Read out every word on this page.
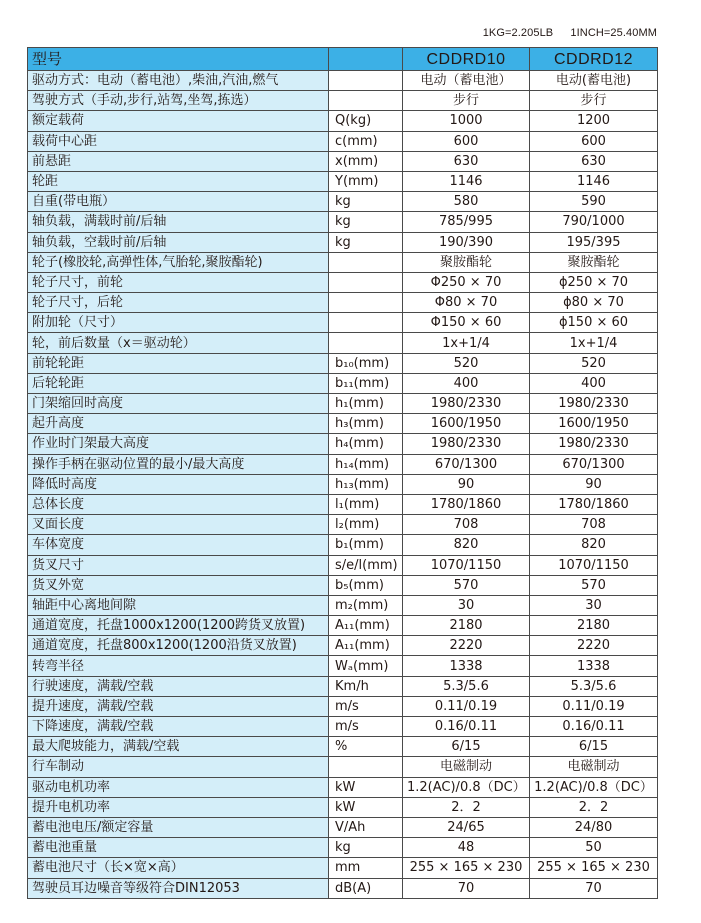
1KG=2.205LB 1INCH=25.40MM
型号		CDDRD10	CDDRD12
驱动方式：电动（蓄电池）,柴油,汽油,燃气		电动（蓄电池）	电动(蓄电池)
驾驶方式（手动,步行,站驾,坐驾,拣选）		步行	步行
额定载荷	Q(kg)	1000	1200
载荷中心距	c(mm)	600	600
前悬距	x(mm)	630	630
轮距	Y(mm)	1146	1146
自重(带电瓶）	kg	580	590
轴负载，满载时前/后轴	kg	785/995	790/1000
轴负载，空载时前/后轴	kg	190/390	195/395
轮子(橡胶轮,高弹性体,气胎轮,聚胺酯轮)		聚胺酯轮	聚胺酯轮
轮子尺寸，前轮		Φ250 × 70	ϕ250 × 70
轮子尺寸，后轮		Φ80 × 70	ϕ80 × 70
附加轮（尺寸）		Φ150 × 60	ϕ150 × 60
轮，前后数量（x＝驱动轮）		1x+1/4	1x+1/4
前轮轮距	b₁₀(mm)	520	520
后轮轮距	b₁₁(mm)	400	400
门架缩回时高度	h₁(mm)	1980/2330	1980/2330
起升高度	h₃(mm)	1600/1950	1600/1950
作业时门架最大高度	h₄(mm)	1980/2330	1980/2330
操作手柄在驱动位置的最小/最大高度	h₁₄(mm)	670/1300	670/1300
降低时高度	h₁₃(mm)	90	90
总体长度	l₁(mm)	1780/1860	1780/1860
叉面长度	l₂(mm)	708	708
车体宽度	b₁(mm)	820	820
货叉尺寸	s/e/l(mm)	1070/1150	1070/1150
货叉外宽	b₅(mm)	570	570
轴距中心离地间隙	m₂(mm)	30	30
通道宽度，托盘1000x1200(1200跨货叉放置)	A₁₁(mm)	2180	2180
通道宽度，托盘800x1200(1200沿货叉放置)	A₁₁(mm)	2220	2220
转弯半径	Wₐ(mm)	1338	1338
行驶速度，满载/空载	Km/h	5.3/5.6	5.3/5.6
提升速度，满载/空载	m/s	0.11/0.19	0.11/0.19
下降速度，满载/空载	m/s	0.16/0.11	0.16/0.11
最大爬坡能力，满载/空载	%	6/15	6/15
行车制动		电磁制动	电磁制动
驱动电机功率	kW	1.2(AC)/0.8（DC）	1.2(AC)/0.8（DC）
提升电机功率	kW	2．2	2．2
蓄电池电压/额定容量	V/Ah	24/65	24/80
蓄电池重量	kg	48	50
蓄电池尺寸（长×宽×高）	mm	255 × 165 × 230	255 × 165 × 230
驾驶员耳边噪音等级符合DIN12053	dB(A)	70	70
